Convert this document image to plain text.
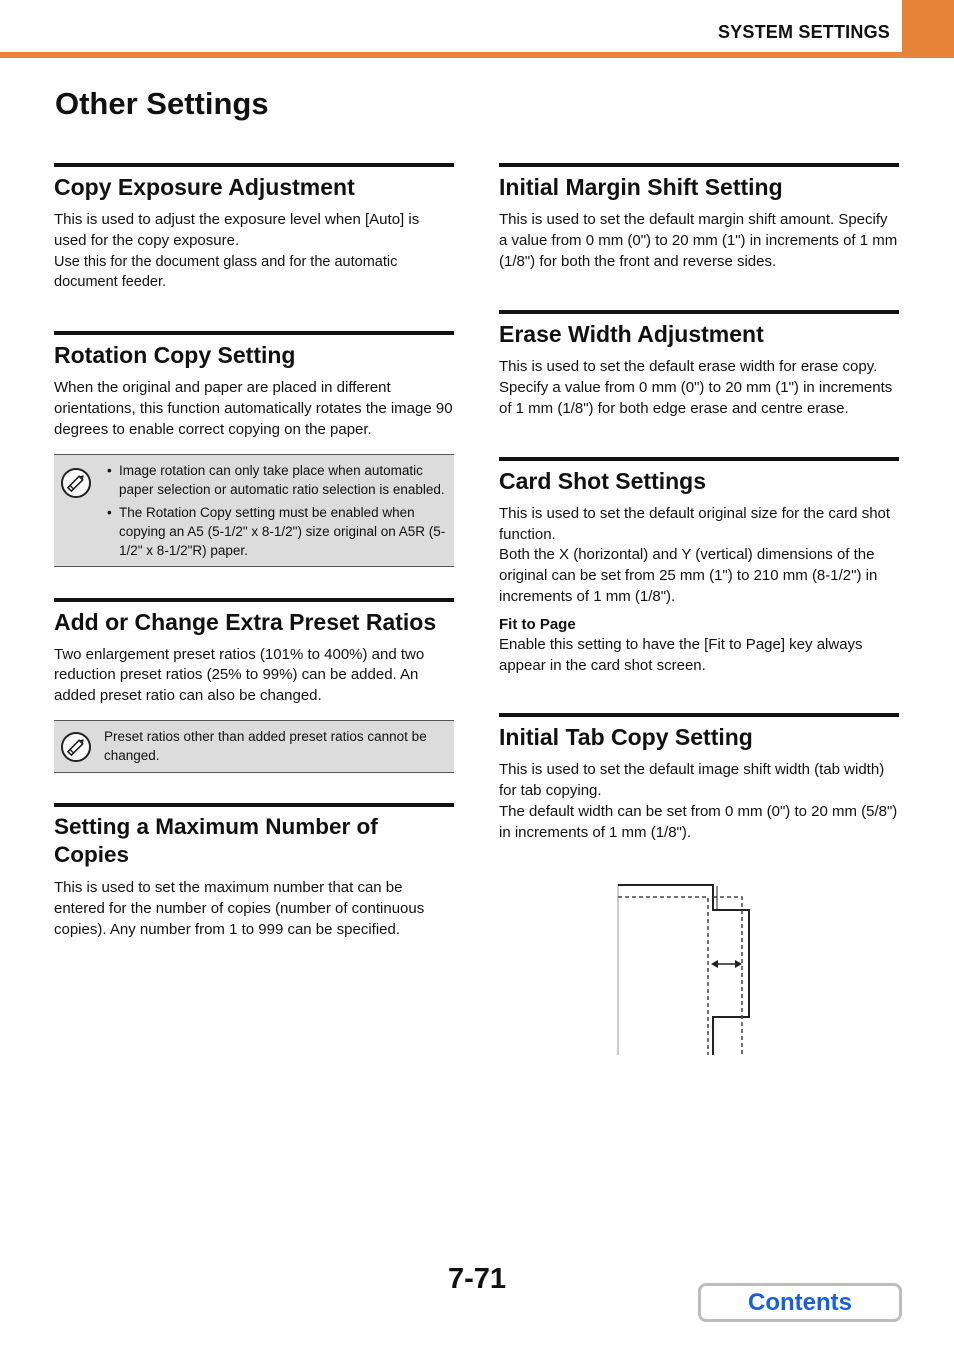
SYSTEM SETTINGS
Other Settings
Copy Exposure Adjustment

This is used to adjust the exposure level when [Auto] is used for the copy exposure.

Use this for the document glass and for the automatic document feeder.

Rotation Copy Setting

When the original and paper are placed in different orientations, this function automatically rotates the image 90 degrees to enable correct copying on the paper.

• Image rotation can only take place when automatic paper selection or automatic ratio selection is enabled.
• The Rotation Copy setting must be enabled when copying an A5 (5-1/2" x 8-1/2") size original on A5R (5-1/2" x 8-1/2"R) paper.
Add or Change Extra Preset Ratios

Two enlargement preset ratios (101% to 400%) and two reduction preset ratios (25% to 99%) can be added. An added preset ratio can also be changed.

Preset ratios other than added preset ratios cannot be changed.
Setting a Maximum Number of Copies

This is used to set the maximum number that can be entered for the number of copies (number of continuous copies). Any number from 1 to 999 can be specified.

Initial Margin Shift Setting

This is used to set the default margin shift amount. Specify a value from 0 mm (0") to 20 mm (1") in increments of 1 mm (1/8") for both the front and reverse sides.

Erase Width Adjustment

This is used to set the default erase width for erase copy. Specify a value from 0 mm (0") to 20 mm (1") in increments of 1 mm (1/8") for both edge erase and centre erase.

Card Shot Settings

This is used to set the default original size for the card shot function.

Both the X (horizontal) and Y (vertical) dimensions of the original can be set from 25 mm (1") to 210 mm (8-1/2") in increments of 1 mm (1/8").

Fit to Page

Enable this setting to have the [Fit to Page] key always appear in the card shot screen.

Initial Tab Copy Setting

This is used to set the default image shift width (tab width) for tab copying.

The default width can be set from 0 mm (0") to 20 mm (5/8") in increments of 1 mm (1/8").

7-71
Contents
